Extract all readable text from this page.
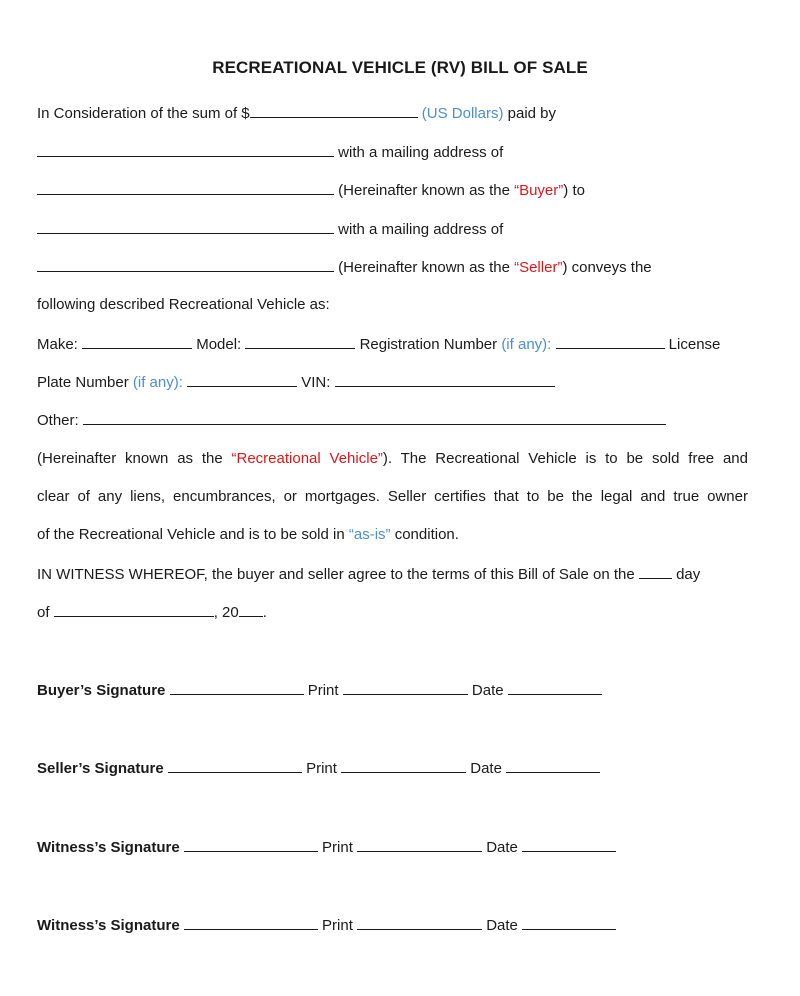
RECREATIONAL VEHICLE (RV) BILL OF SALE
In Consideration of the sum of $	(US Dollars) paid by
with a mailing address of
(Hereinafter known as the “Buyer”) to
with a mailing address of
(Hereinafter known as the “Seller”) conveys the
following described Recreational Vehicle as:
Make:	Model:	Registration Number (if any):	License
Plate Number (if any):	VIN:
Other:
(Hereinafter known as the “Recreational Vehicle”). The Recreational Vehicle is to be sold free and
clear of any liens, encumbrances, or mortgages. Seller certifies that to be the legal and true owner
of the Recreational Vehicle and is to be sold in “as-is” condition.
IN WITNESS WHEREOF, the buyer and seller agree to the terms of this Bill of Sale on the	day
of	, 20 .
Buyer’s Signature	Print	Date
Seller’s Signature	Print	Date
Witness’s Signature	Print	Date
Witness’s Signature	Print	Date
